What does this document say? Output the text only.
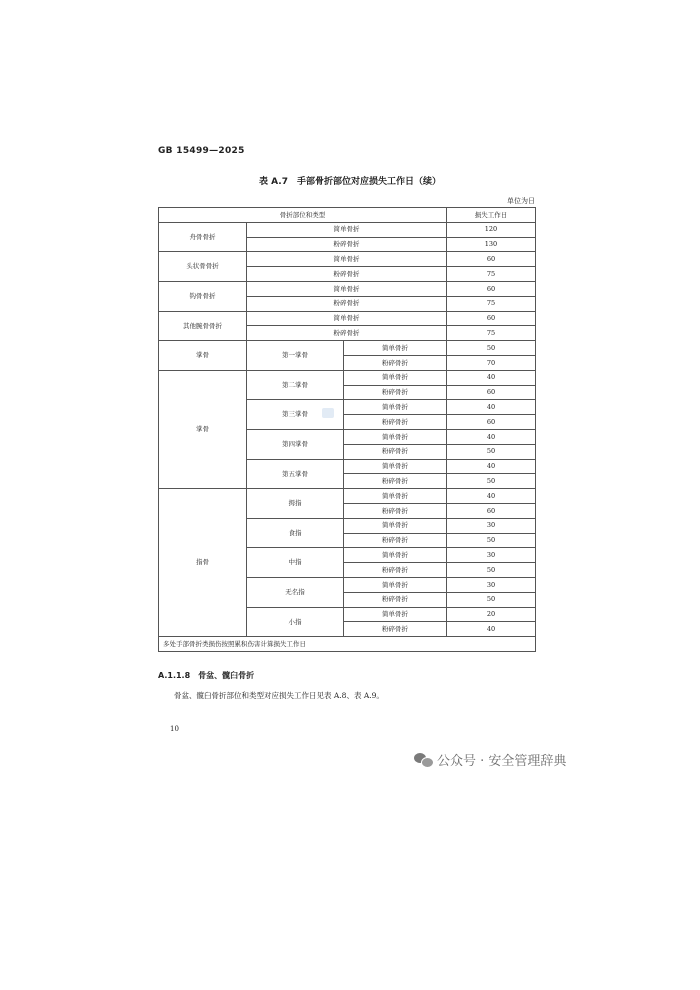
GB 15499—2025
表 A.7　手部骨折部位对应损失工作日（续）
单位为日
骨折部位和类型			损失工作日
舟骨骨折	简单骨折		120
	粉碎骨折		130
头状骨骨折	简单骨折		60
	粉碎骨折		75
钩骨骨折	简单骨折		60
	粉碎骨折		75
其他腕骨骨折	简单骨折		60
	粉碎骨折		75
掌骨	第一掌骨	简单骨折	50
		粉碎骨折	70
掌骨	第二掌骨	简单骨折	40
		粉碎骨折	60
	第三掌骨	简单骨折	40
		粉碎骨折	60
	第四掌骨	简单骨折	40
		粉碎骨折	50
	第五掌骨	简单骨折	40
		粉碎骨折	50
指骨	拇指	简单骨折	40
		粉碎骨折	60
	食指	简单骨折	30
		粉碎骨折	50
	中指	简单骨折	30
		粉碎骨折	50
	无名指	简单骨折	30
		粉碎骨折	50
	小指	简单骨折	20
		粉碎骨折	40
多处手部骨折类损伤按照累积伤害计算损失工作日			
A.1.1.8 骨盆、髋臼骨折
骨盆、髋臼骨折部位和类型对应损失工作日见表 A.8、表 A.9。
10
公众号 · 安全管理辞典
